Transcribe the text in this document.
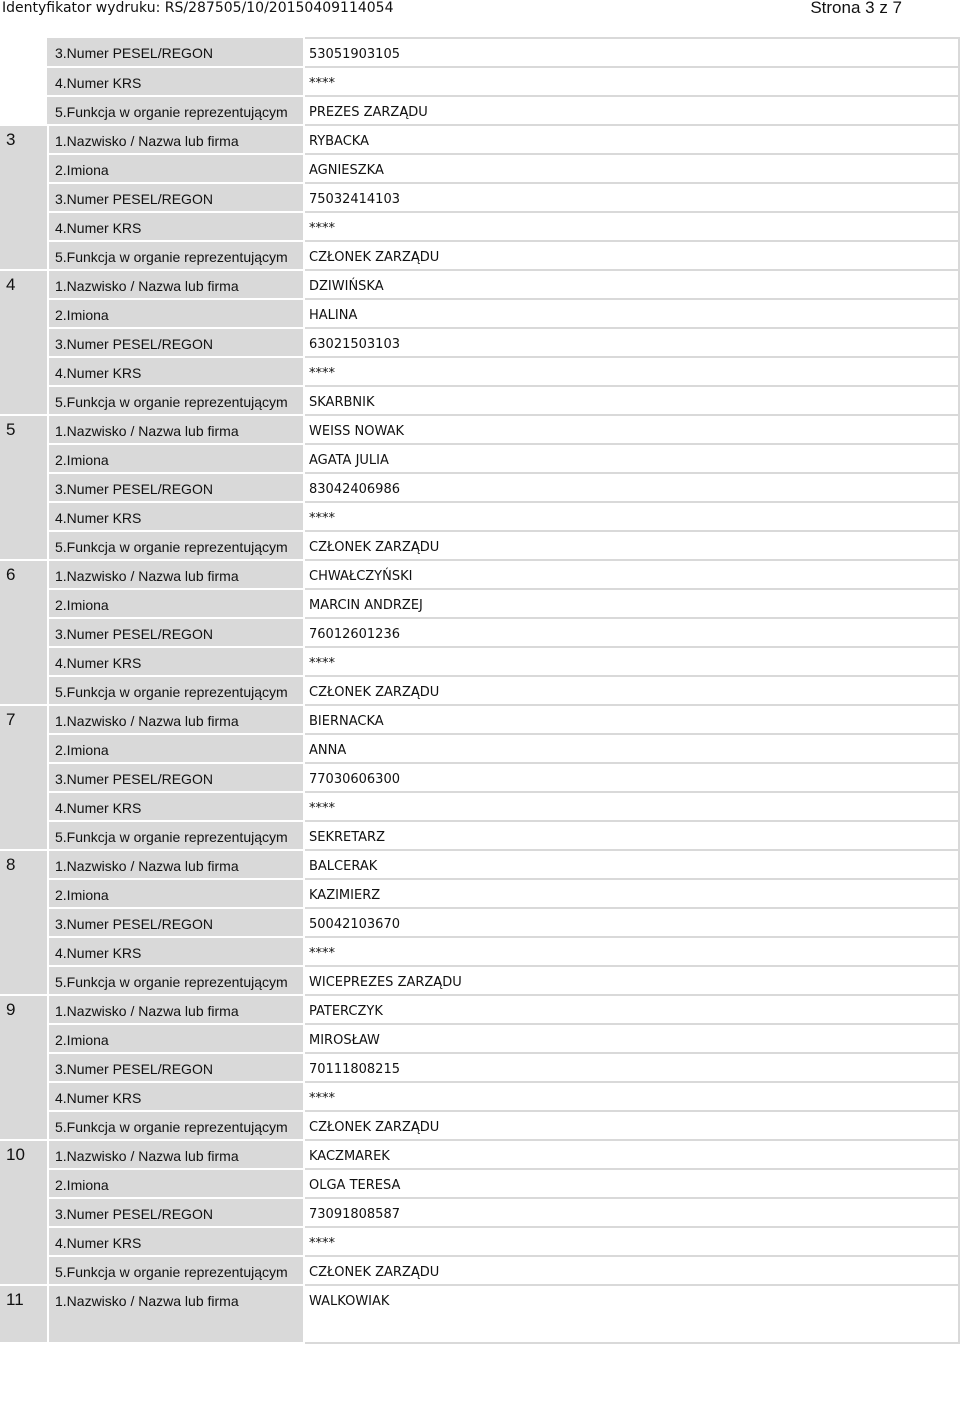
Identyfikator wydruku: RS/287505/10/20150409114054	Strona 3 z 7
	3.Numer PESEL/REGON	53051903105
	4.Numer KRS	****
	5.Funkcja w organie reprezentującym	PREZES ZARZĄDU
3	1.Nazwisko / Nazwa lub firma	RYBACKA
	2.Imiona	AGNIESZKA
	3.Numer PESEL/REGON	75032414103
	4.Numer KRS	****
	5.Funkcja w organie reprezentującym	CZŁONEK ZARZĄDU
4	1.Nazwisko / Nazwa lub firma	DZIWIŃSKA
	2.Imiona	HALINA
	3.Numer PESEL/REGON	63021503103
	4.Numer KRS	****
	5.Funkcja w organie reprezentującym	SKARBNIK
5	1.Nazwisko / Nazwa lub firma	WEISS NOWAK
	2.Imiona	AGATA JULIA
	3.Numer PESEL/REGON	83042406986
	4.Numer KRS	****
	5.Funkcja w organie reprezentującym	CZŁONEK ZARZĄDU
6	1.Nazwisko / Nazwa lub firma	CHWAŁCZYŃSKI
	2.Imiona	MARCIN ANDRZEJ
	3.Numer PESEL/REGON	76012601236
	4.Numer KRS	****
	5.Funkcja w organie reprezentującym	CZŁONEK ZARZĄDU
7	1.Nazwisko / Nazwa lub firma	BIERNACKA
	2.Imiona	ANNA
	3.Numer PESEL/REGON	77030606300
	4.Numer KRS	****
	5.Funkcja w organie reprezentującym	SEKRETARZ
8	1.Nazwisko / Nazwa lub firma	BALCERAK
	2.Imiona	KAZIMIERZ
	3.Numer PESEL/REGON	50042103670
	4.Numer KRS	****
	5.Funkcja w organie reprezentującym	WICEPREZES ZARZĄDU
9	1.Nazwisko / Nazwa lub firma	PATERCZYK
	2.Imiona	MIROSŁAW
	3.Numer PESEL/REGON	70111808215
	4.Numer KRS	****
	5.Funkcja w organie reprezentującym	CZŁONEK ZARZĄDU
10	1.Nazwisko / Nazwa lub firma	KACZMAREK
	2.Imiona	OLGA TERESA
	3.Numer PESEL/REGON	73091808587
	4.Numer KRS	****
	5.Funkcja w organie reprezentującym	CZŁONEK ZARZĄDU
11	1.Nazwisko / Nazwa lub firma	WALKOWIAK
